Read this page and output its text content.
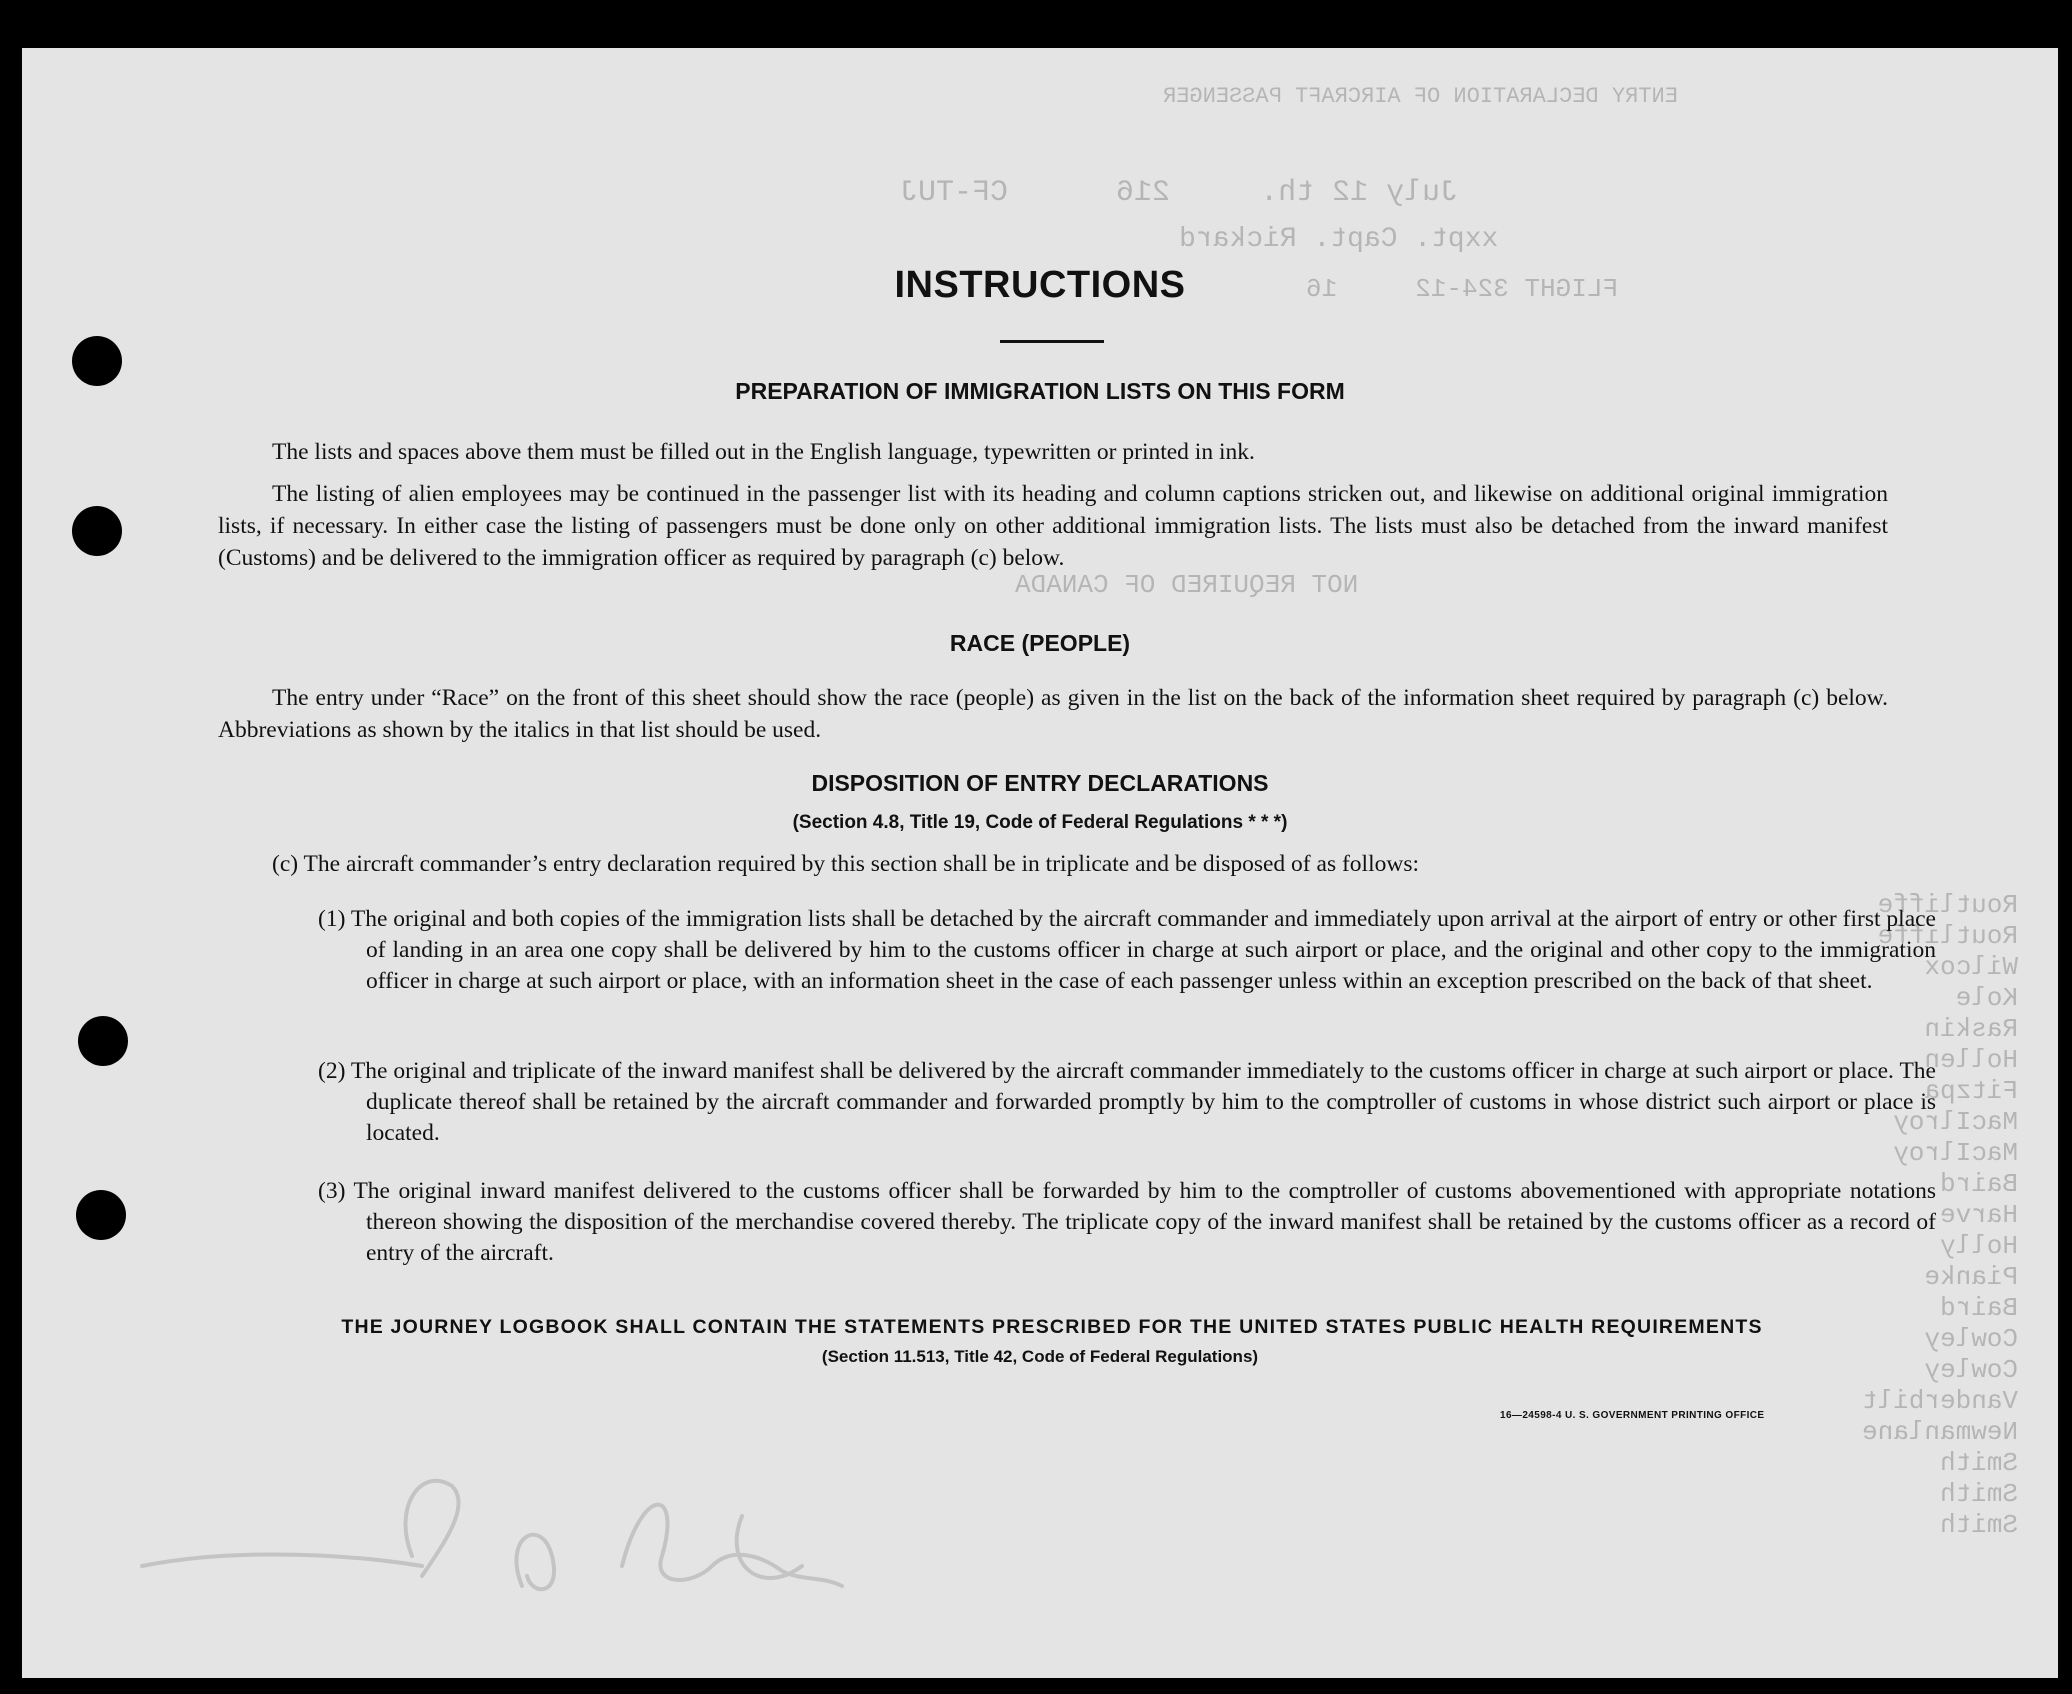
ENTRY DECLARATION OF AIRCRAFT PASSENGER
July 12 th.     216      CF-TUJ
xxpt. Capt. Rickard
FLIGHT 324-12     16
NOT REQUIRED OF CANADA
Routliffe
Routliffe
Wilcox
Kole
Raskin
Hollen
Fitzpa
MacIlroy
MacIlroy
Baird
Harve
Holly
Pianke
Baird
Cowley
Cowley
Vanderbilt
Newmanlane
Smith
Smith
Smith
INSTRUCTIONS
PREPARATION OF IMMIGRATION LISTS ON THIS FORM

The lists and spaces above them must be filled out in the English language, typewritten or printed in ink.

The listing of alien employees may be continued in the passenger list with its heading and column captions stricken out, and likewise on additional original immigration lists, if necessary. In either case the listing of passengers must be done only on other additional immigration lists. The lists must also be detached from the inward manifest (Customs) and be delivered to the immigration officer as required by paragraph (c) below.

RACE (PEOPLE)

The entry under “Race” on the front of this sheet should show the race (people) as given in the list on the back of the information sheet required by paragraph (c) below. Abbreviations as shown by the italics in that list should be used.

DISPOSITION OF ENTRY DECLARATIONS
(Section 4.8, Title 19, Code of Federal Regulations * * *)

(c) The aircraft commander’s entry declaration required by this section shall be in triplicate and be disposed of as follows:

(1) The original and both copies of the immigration lists shall be detached by the aircraft commander and immediately upon arrival at the airport of entry or other first place of landing in an area one copy shall be delivered by him to the customs officer in charge at such airport or place, and the original and other copy to the immigration officer in charge at such airport or place, with an information sheet in the case of each passenger unless within an exception prescribed on the back of that sheet.

(2) The original and triplicate of the inward manifest shall be delivered by the aircraft commander immediately to the customs officer in charge at such airport or place. The duplicate thereof shall be retained by the aircraft commander and forwarded promptly by him to the comptroller of customs in whose district such airport or place is located.

(3) The original inward manifest delivered to the customs officer shall be forwarded by him to the comptroller of customs abovementioned with appropriate notations thereon showing the disposition of the merchandise covered thereby. The triplicate copy of the inward manifest shall be retained by the customs officer as a record of entry of the aircraft.

THE JOURNEY LOGBOOK SHALL CONTAIN THE STATEMENTS PRESCRIBED FOR THE UNITED STATES PUBLIC HEALTH REQUIREMENTS
(Section 11.513, Title 42, Code of Federal Regulations)
16—24598-4 U. S. GOVERNMENT PRINTING OFFICE
